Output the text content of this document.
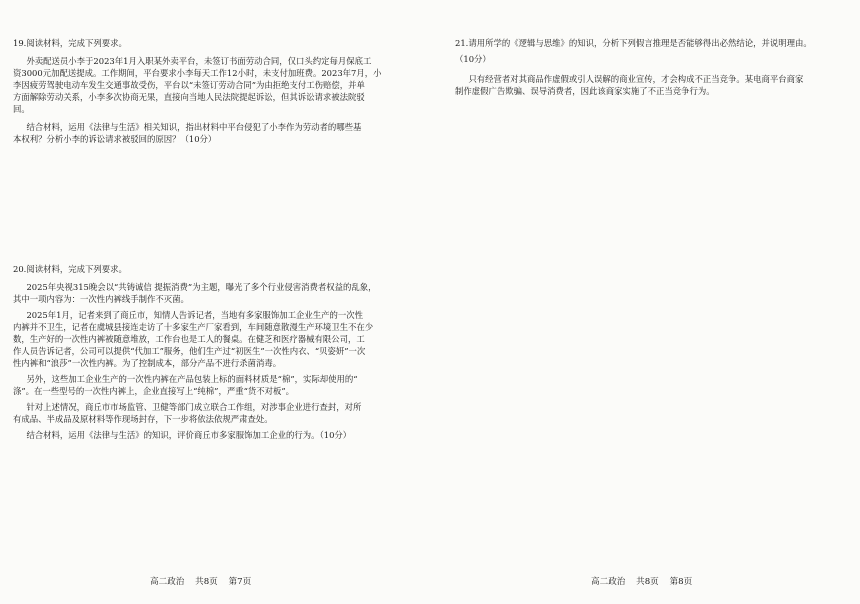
19.阅读材料，完成下列要求。

外卖配送员小李于2023年1月入职某外卖平台，未签订书面劳动合同，仅口头约定每月保底工
资3000元加配送提成。工作期间，平台要求小李每天工作12小时，未支付加班费。2023年7月，小
李因疲劳驾驶电动车发生交通事故受伤，平台以“未签订劳动合同”为由拒绝支付工伤赔偿，并单
方面解除劳动关系，小李多次协商无果，直接向当地人民法院提起诉讼，但其诉讼请求被法院驳
回。

结合材料，运用《法律与生活》相关知识，指出材料中平台侵犯了小李作为劳动者的哪些基
本权利？分析小李的诉讼请求被驳回的原因？（10分）

20.阅读材料，完成下列要求。

2025年央视315晚会以“共铸诚信 提振消费”为主题，曝光了多个行业侵害消费者权益的乱象，
其中一项内容为：一次性内裤线手制作不灭菌。

2025年1月，记者来到了商丘市，知情人告诉记者，当地有多家服饰加工企业生产的一次性
内裤并不卫生，记者在虞城县接连走访了十多家生产厂家看到，车间随意散漫生产环境卫生不在少
数，生产好的一次性内裤被随意堆放，工作台也是工人的餐桌。在健芝和医疗器械有限公司，工
作人员告诉记者，公司可以提供“代加工”服务，他们生产过“初医生”一次性内衣、“贝姿妍”一次
性内裤和“浪莎”一次性内裤。为了控制成本，部分产品不进行杀菌消毒。

另外，这些加工企业生产的一次性内裤在产品包装上标的面料材质是“棉”，实际却使用的“
涤”。在一些型号的一次性内裤上，企业直接写上“纯棉”，严重“货不对板”。

针对上述情况，商丘市市场监管、卫健等部门成立联合工作组，对涉事企业进行查封，对所
有成品、半成品及原材料等作现场封存，下一步将依法依规严肃查处。

结合材料，运用《法律与生活》的知识，评价商丘市多家服饰加工企业的行为。（10分）

高二政治 共8页 第7页
21.请用所学的《逻辑与思维》的知识，分析下列假言推理是否能够得出必然结论，并说明理由。
（10分）

只有经营者对其商品作虚假或引人误解的商业宣传，才会构成不正当竞争。某电商平台商家
制作虚假广告欺骗、误导消费者，因此该商家实施了不正当竞争行为。

高二政治 共8页 第8页
